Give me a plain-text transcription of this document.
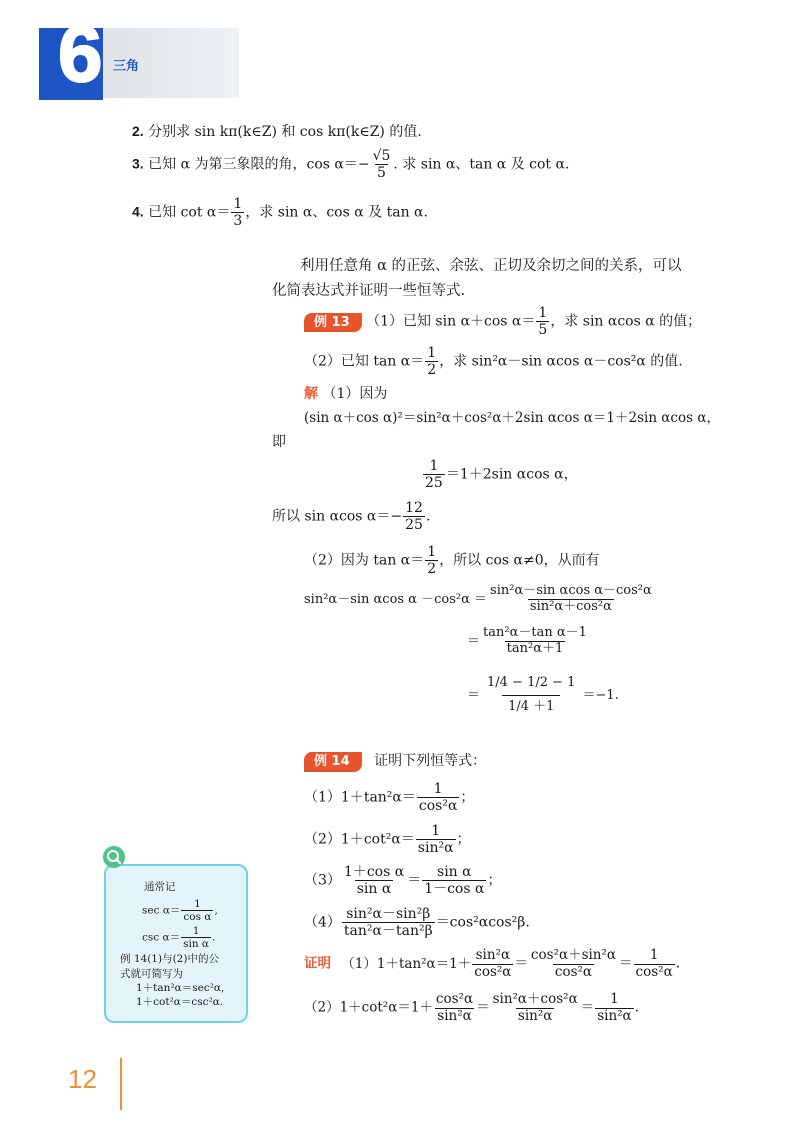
6 三角
2. 分别求 sin kπ(k∈Z) 和 cos kπ(k∈Z) 的值.
3. 已知 α 为第三象限的角，$\cos \alpha=- \frac{√5}{5}$ . 求 sin α、tan α 及 cot α.
4. 已知 $\cot \alpha= \frac{1}{3}$ ，求 sin α、cos α 及 tan α.
利用任意角 α 的正弦、余弦、正切及余切之间的关系，可以
化简表达式并证明一些恒等式.
例 13 （1）已知 sin α＋cos $\alpha= \frac{1}{5}$ ，求 sin αcos α 的值；
（2）已知 $\tan \alpha= \frac{1}{2}$ ，求 sin²α－sin αcos α－cos²α 的值.
解 （1）因为
(sin α＋cos α)²＝sin²α＋cos²α＋2sin αcos α＝1＋2sin αcos α，
即
$\frac{1}{25} =1+2\sin$ αcos α，
所以 sin αcos $\alpha=- \frac{12}{25}$ .
（2）因为 $\tan \alpha= \frac{1}{2}$ ，所以 cos α≠0，从而有
sin²α－sin αcos $\alpha -\cos^2\alpha = \frac{\text{sin²α－sin αcos α－cos²α}}{\text{sin²α＋cos²α}}$
＝ $\frac{\text{tan²α－tan α－1}}{\text{tan²α＋1}}$
＝ $\frac{1/4 - 1/2 - 1}{1/4 +1} =-1$.
例 14 证明下列恒等式：
$(1)1+\tan^2\alpha= \frac{1}{\text{cos²α}}$ ；
$(2)1+\cot^2\alpha= \frac{1}{\text{sin²α}}$ ；
$(3) \frac{\text{1＋cos α}}{\text{sin α}} = \frac{\text{sin α}}{\text{1－cos α}}$ ；
$(4) \frac{\text{sin²α－sin²β}}{\text{tan²α－tan²β}} =\cos^2\alpha\cos^2\beta$.
证明 $(1)1+\tan^2\alpha=1+ \frac{\text{sin²α}}{\text{cos²α}} = \frac{\text{cos²α＋sin²α}}{\text{cos²α}} = \frac{1}{\text{cos²α}}$ .
$(2)1+\cot^2\alpha=1+ \frac{\text{cos²α}}{\text{sin²α}} = \frac{\text{sin²α＋cos²α}}{\text{sin²α}} = \frac{1}{\text{sin²α}}$ .
通常记
$\sec \alpha= \frac{1}{\text{cos α}}$ ,
$\csc \alpha= \frac{1}{\text{sin α}}$ .
例 14(1)与(2)中的公
式就可简写为
1＋tan²α＝sec²α,
1＋cot²α＝csc²α.
12
